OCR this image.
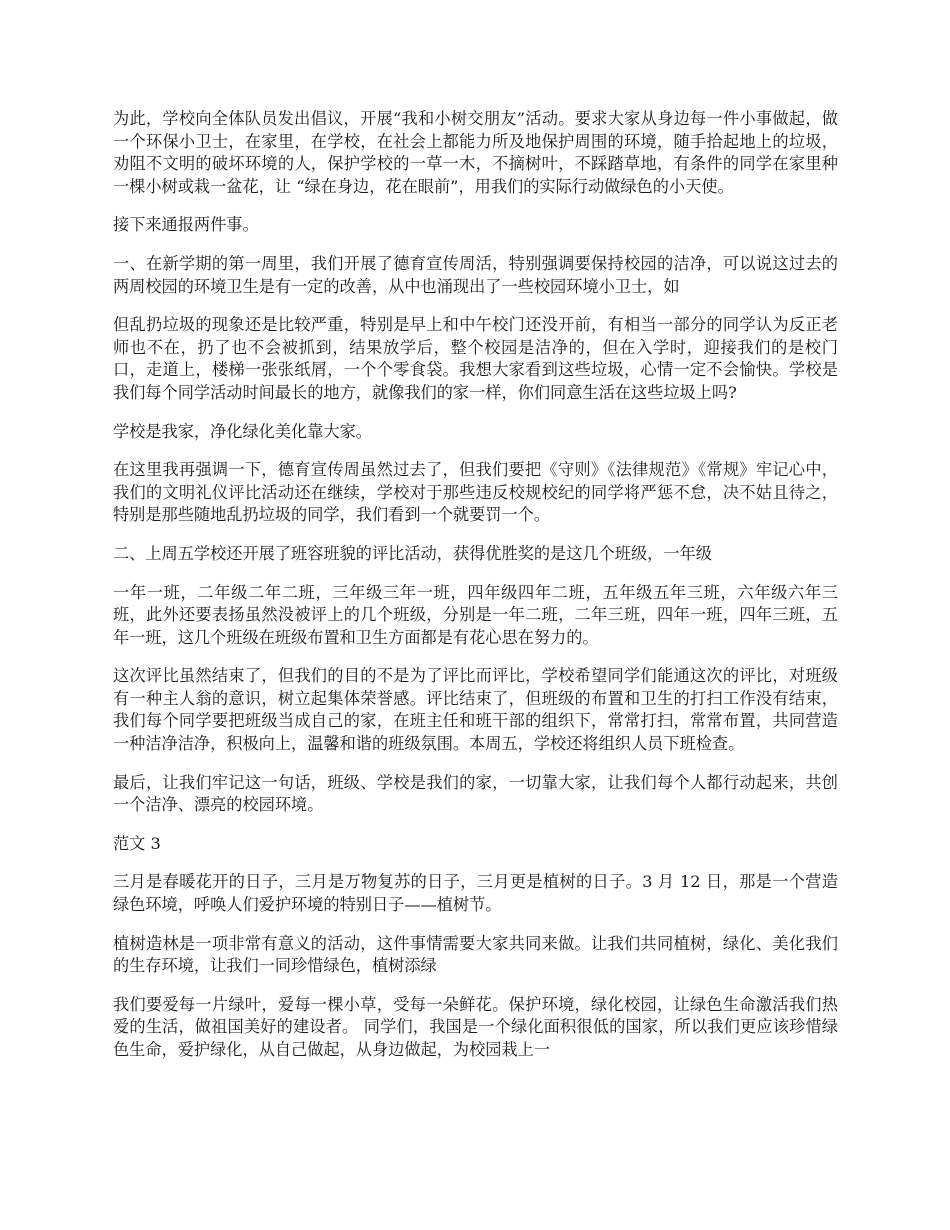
为此，学校向全体队员发出倡议，开展“我和小树交朋友”活动。要求大家从身边每一件小事做起，做一个环保小卫士，在家里，在学校，在社会上都能力所及地保护周围的环境，随手拾起地上的垃圾，劝阻不文明的破坏环境的人，保护学校的一草一木，不摘树叶，不踩踏草地，有条件的同学在家里种一棵小树或栽一盆花，让 “绿在身边，花在眼前”，用我们的实际行动做绿色的小天使。

接下来通报两件事。

一、在新学期的第一周里，我们开展了德育宣传周活，特别强调要保持校园的洁净，可以说这过去的两周校园的环境卫生是有一定的改善，从中也涌现出了一些校园环境小卫士，如

但乱扔垃圾的现象还是比较严重，特别是早上和中午校门还没开前，有相当一部分的同学认为反正老师也不在，扔了也不会被抓到，结果放学后，整个校园是洁净的，但在入学时，迎接我们的是校门口，走道上，楼梯一张张纸屑，一个个零食袋。我想大家看到这些垃圾，心情一定不会愉快。学校是我们每个同学活动时间最长的地方，就像我们的家一样，你们同意生活在这些垃圾上吗?

学校是我家，净化绿化美化靠大家。

在这里我再强调一下，德育宣传周虽然过去了，但我们要把《守则》《法律规范》《常规》牢记心中，我们的文明礼仪评比活动还在继续，学校对于那些违反校规校纪的同学将严惩不怠，决不姑且待之，特别是那些随地乱扔垃圾的同学，我们看到一个就要罚一个。

二、上周五学校还开展了班容班貌的评比活动，获得优胜奖的是这几个班级，一年级

一年一班，二年级二年二班，三年级三年一班，四年级四年二班，五年级五年三班，六年级六年三班，此外还要表扬虽然没被评上的几个班级，分别是一年二班，二年三班，四年一班，四年三班，五年一班，这几个班级在班级布置和卫生方面都是有花心思在努力的。

这次评比虽然结束了，但我们的目的不是为了评比而评比，学校希望同学们能通这次的评比，对班级有一种主人翁的意识，树立起集体荣誉感。评比结束了，但班级的布置和卫生的打扫工作没有结束，我们每个同学要把班级当成自己的家，在班主任和班干部的组织下，常常打扫，常常布置，共同营造一种洁净洁净，积极向上，温馨和谐的班级氛围。本周五，学校还将组织人员下班检查。

最后，让我们牢记这一句话，班级、学校是我们的家，一切靠大家，让我们每个人都行动起来，共创一个洁净、漂亮的校园环境。

范文 3

三月是春暖花开的日子，三月是万物复苏的日子，三月更是植树的日子。3 月 12 日，那是一个营造绿色环境，呼唤人们爱护环境的特别日子——植树节。

植树造林是一项非常有意义的活动，这件事情需要大家共同来做。让我们共同植树，绿化、美化我们的生存环境，让我们一同珍惜绿色，植树添绿

我们要爱每一片绿叶，爱每一棵小草，受每一朵鲜花。保护环境，绿化校园，让绿色生命激活我们热爱的生活，做祖国美好的建设者。 同学们，我国是一个绿化面积很低的国家，所以我们更应该珍惜绿色生命，爱护绿化，从自己做起，从身边做起，为校园栽上一
